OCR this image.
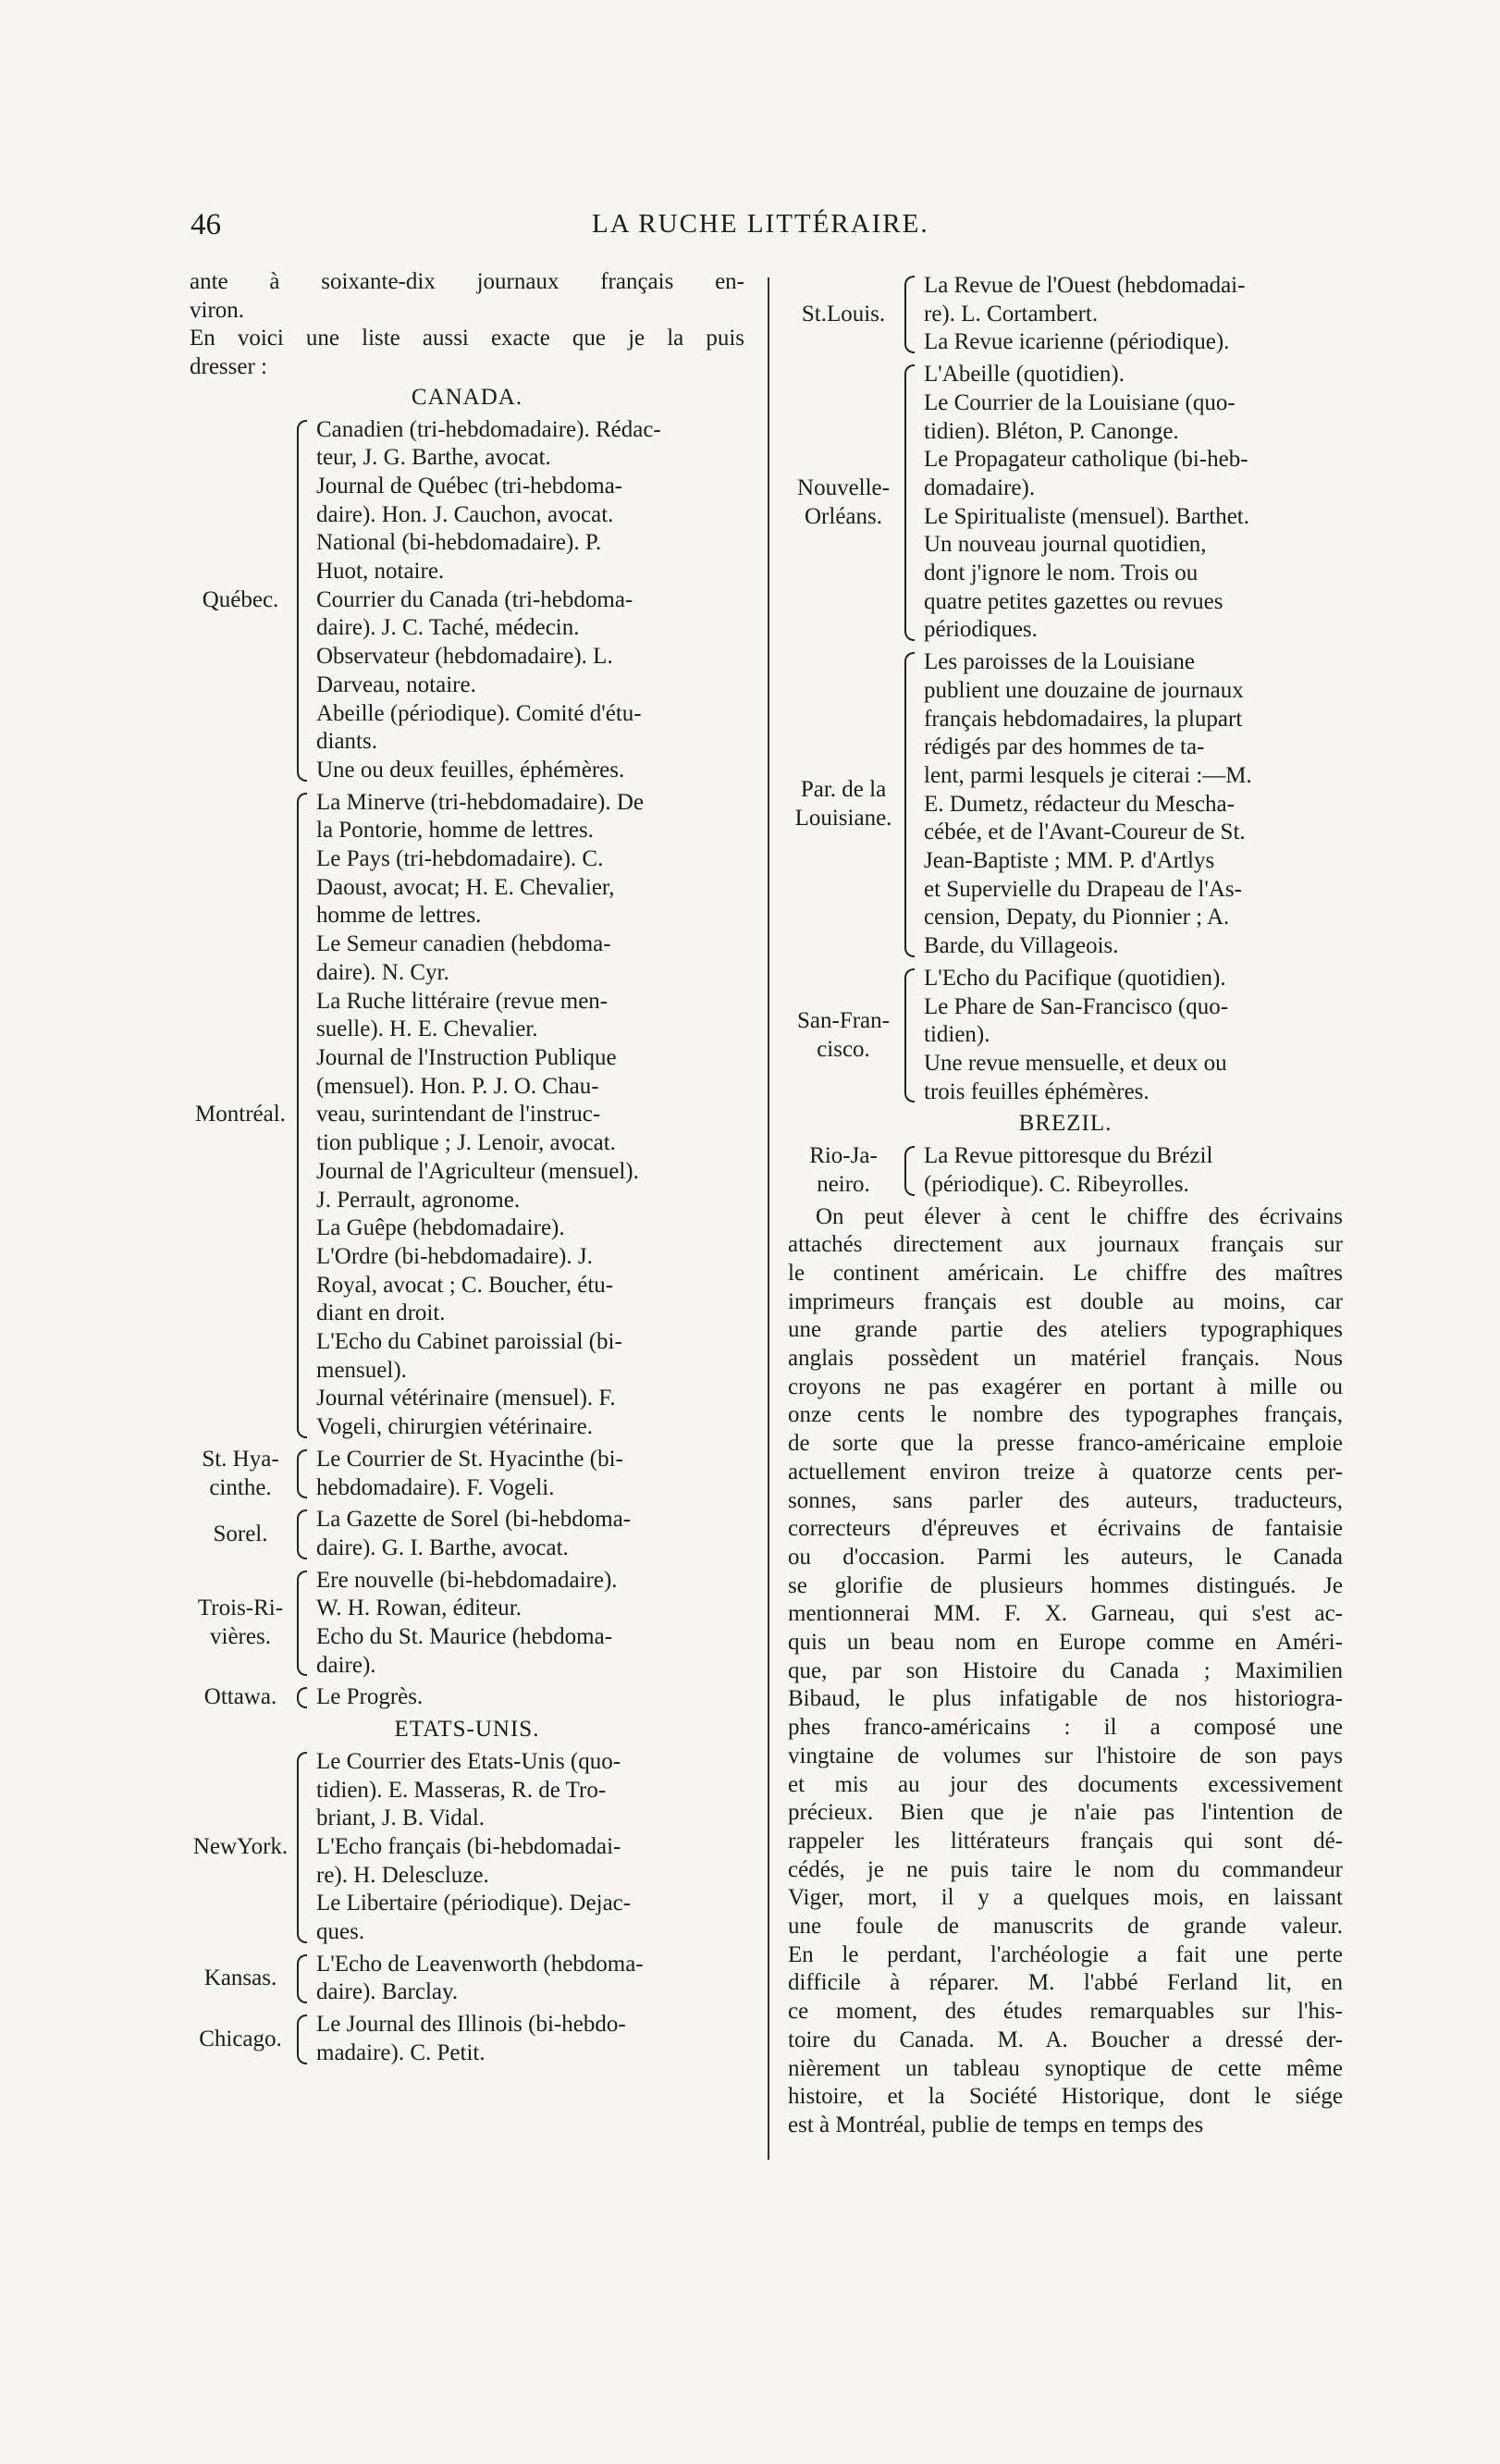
46	LA RUCHE LITTÉRAIRE.
ante à soixante-dix journaux français en-
viron.
En voici une liste aussi exacte que je la puis
dresser :
CANADA.
Québec.
Canadien (tri-hebdomadaire). Rédac-
teur, J. G. Barthe, avocat.
Journal de Québec (tri-hebdoma-
daire). Hon. J. Cauchon, avocat.
National (bi-hebdomadaire). P.
Huot, notaire.
Courrier du Canada (tri-hebdoma-
daire). J. C. Taché, médecin.
Observateur (hebdomadaire). L.
Darveau, notaire.
Abeille (périodique). Comité d'étu-
diants.
Une ou deux feuilles, éphémères.
Montréal.
La Minerve (tri-hebdomadaire). De
la Pontorie, homme de lettres.
Le Pays (tri-hebdomadaire). C.
Daoust, avocat; H. E. Chevalier,
homme de lettres.
Le Semeur canadien (hebdoma-
daire). N. Cyr.
La Ruche littéraire (revue men-
suelle). H. E. Chevalier.
Journal de l'Instruction Publique
(mensuel). Hon. P. J. O. Chau-
veau, surintendant de l'instruc-
tion publique ; J. Lenoir, avocat.
Journal de l'Agriculteur (mensuel).
J. Perrault, agronome.
La Guêpe (hebdomadaire).
L'Ordre (bi-hebdomadaire). J.
Royal, avocat ; C. Boucher, étu-
diant en droit.
L'Echo du Cabinet paroissial (bi-
mensuel).
Journal vétérinaire (mensuel). F.
Vogeli, chirurgien vétérinaire.
St. Hya-
cinthe.
Le Courrier de St. Hyacinthe (bi-
hebdomadaire). F. Vogeli.
Sorel.
La Gazette de Sorel (bi-hebdoma-
daire). G. I. Barthe, avocat.
Trois-Ri-
vières.
Ere nouvelle (bi-hebdomadaire).
W. H. Rowan, éditeur.
Echo du St. Maurice (hebdoma-
daire).
Ottawa.	Le Progrès.
ETATS-UNIS.
NewYork.
Le Courrier des Etats-Unis (quo-
tidien). E. Masseras, R. de Tro-
briant, J. B. Vidal.
L'Echo français (bi-hebdomadai-
re). H. Delescluze.
Le Libertaire (périodique). Dejac-
ques.
Kansas.
L'Echo de Leavenworth (hebdoma-
daire). Barclay.
Chicago.
Le Journal des Illinois (bi-hebdo-
madaire). C. Petit.
St.Louis.
La Revue de l'Ouest (hebdomadai-
re). L. Cortambert.
La Revue icarienne (périodique).
Nouvelle-
Orléans.
L'Abeille (quotidien).
Le Courrier de la Louisiane (quo-
tidien). Bléton, P. Canonge.
Le Propagateur catholique (bi-heb-
domadaire).
Le Spiritualiste (mensuel). Barthet.
Un nouveau journal quotidien,
dont j'ignore le nom. Trois ou
quatre petites gazettes ou revues
périodiques.
Par. de la
Louisiane.
Les paroisses de la Louisiane
publient une douzaine de journaux
français hebdomadaires, la plupart
rédigés par des hommes de ta-
lent, parmi lesquels je citerai :—M.
E. Dumetz, rédacteur du Mescha-
cébée, et de l'Avant-Coureur de St.
Jean-Baptiste ; MM. P. d'Artlys
et Supervielle du Drapeau de l'As-
cension, Depaty, du Pionnier ; A.
Barde, du Villageois.
San-Fran-
cisco.
L'Echo du Pacifique (quotidien).
Le Phare de San-Francisco (quo-
tidien).
Une revue mensuelle, et deux ou
trois feuilles éphémères.
BREZIL.
Rio-Ja-
neiro.
La Revue pittoresque du Brézil
(périodique). C. Ribeyrolles.
On peut élever à cent le chiffre des écrivains
attachés directement aux journaux français sur
le continent américain. Le chiffre des maîtres
imprimeurs français est double au moins, car
une grande partie des ateliers typographiques
anglais possèdent un matériel français. Nous
croyons ne pas exagérer en portant à mille ou
onze cents le nombre des typographes français,
de sorte que la presse franco-américaine emploie
actuellement environ treize à quatorze cents per-
sonnes, sans parler des auteurs, traducteurs,
correcteurs d'épreuves et écrivains de fantaisie
ou d'occasion. Parmi les auteurs, le Canada
se glorifie de plusieurs hommes distingués. Je
mentionnerai MM. F. X. Garneau, qui s'est ac-
quis un beau nom en Europe comme en Améri-
que, par son Histoire du Canada ; Maximilien
Bibaud, le plus infatigable de nos historiogra-
phes franco-américains : il a composé une
vingtaine de volumes sur l'histoire de son pays
et mis au jour des documents excessivement
précieux. Bien que je n'aie pas l'intention de
rappeler les littérateurs français qui sont dé-
cédés, je ne puis taire le nom du commandeur
Viger, mort, il y a quelques mois, en laissant
une foule de manuscrits de grande valeur.
En le perdant, l'archéologie a fait une perte
difficile à réparer. M. l'abbé Ferland lit, en
ce moment, des études remarquables sur l'his-
toire du Canada. M. A. Boucher a dressé der-
nièrement un tableau synoptique de cette même
histoire, et la Société Historique, dont le siége
est à Montréal, publie de temps en temps des
